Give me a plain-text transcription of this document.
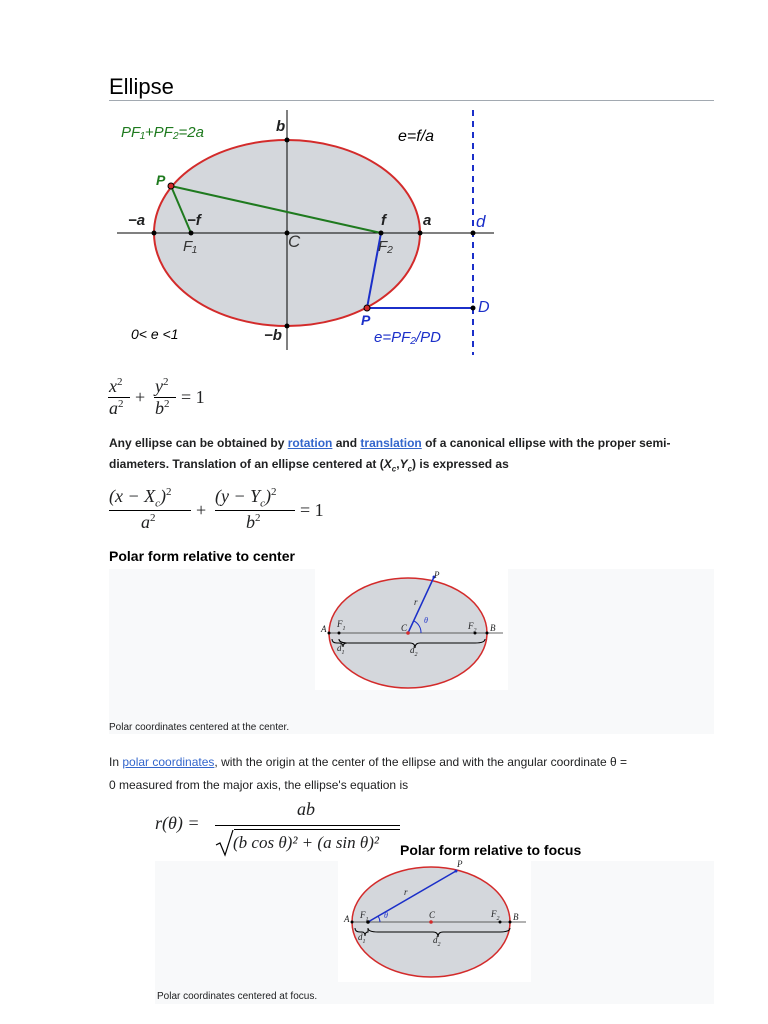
Ellipse
PF₁+PF₂=2a	e=f/a
b
−b
−a	−f	f a	d
D
P
P
F₁	F₂
C
0< e <1	e=PF₂/PD
$x^2$
$a^2$ +
$y^2$
$b^2 = 1$
Any ellipse can be obtained by rotation and translation of a canonical ellipse with the proper semi-
diameters. Translation of an ellipse centered at $(X_c,Y_c)$ is expressed as
$(x - X_c)^2$
$a^2$ +
$(y - Y_c)^2$
$b^2 = 1$
Polar form relative to center
A $F_1$	C
θ
$F_2$ B
P
r
$d_1$	$d_2$
Polar coordinates centered at the center.
In polar coordinates, with the origin at the center of the ellipse and with the angular coordinate θ =
0 measured from the major axis, the ellipse's equation is
r(θ) =
ab
(b cos θ)² + (a sin θ)² Polar form relative to focus
A $F_1$	C
θ	$F_2$ B
P
r
$d_1$	$d_2$
Polar coordinates centered at focus.
